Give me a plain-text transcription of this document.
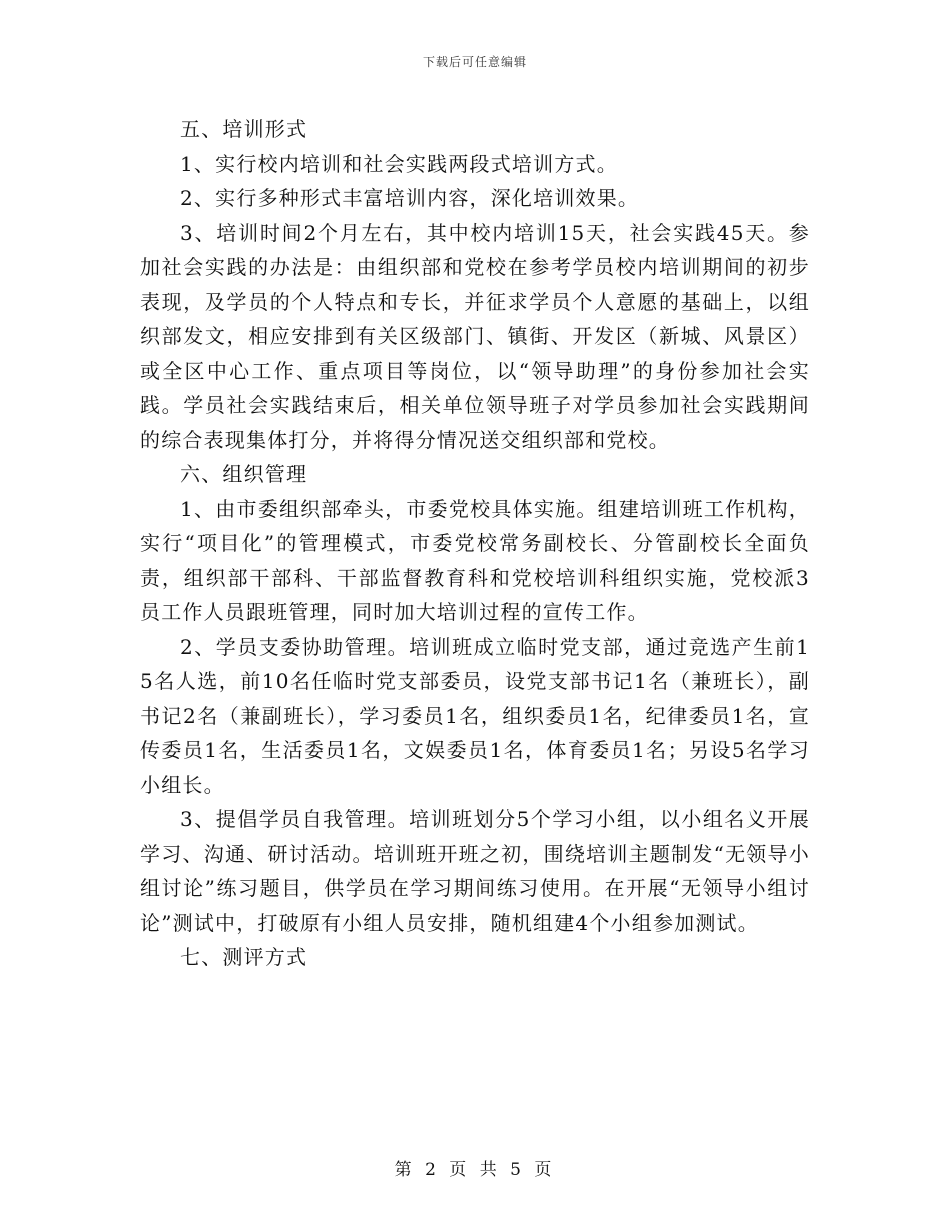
下载后可任意编辑

五、培训形式

1、实行校内培训和社会实践两段式培训方式。

2、实行多种形式丰富培训内容，深化培训效果。

3、培训时间2个月左右，其中校内培训15天，社会实践45天。参加社会实践的办法是：由组织部和党校在参考学员校内培训期间的初步表现，及学员的个人特点和专长，并征求学员个人意愿的基础上，以组织部发文，相应安排到有关区级部门、镇街、开发区（新城、风景区）或全区中心工作、重点项目等岗位，以“领导助理”的身份参加社会实践。学员社会实践结束后，相关单位领导班子对学员参加社会实践期间的综合表现集体打分，并将得分情况送交组织部和党校。

六、组织管理

1、由市委组织部牵头，市委党校具体实施。组建培训班工作机构，实行“项目化”的管理模式，市委党校常务副校长、分管副校长全面负责，组织部干部科、干部监督教育科和党校培训科组织实施，党校派3员工作人员跟班管理，同时加大培训过程的宣传工作。

2、学员支委协助管理。培训班成立临时党支部，通过竞选产生前15名人选，前10名任临时党支部委员，设党支部书记1名（兼班长），副书记2名（兼副班长），学习委员1名，组织委员1名，纪律委员1名，宣传委员1名，生活委员1名，文娱委员1名，体育委员1名；另设5名学习小组长。

3、提倡学员自我管理。培训班划分5个学习小组，以小组名义开展学习、沟通、研讨活动。培训班开班之初，围绕培训主题制发“无领导小组讨论”练习题目，供学员在学习期间练习使用。在开展“无领导小组讨论”测试中，打破原有小组人员安排，随机组建4个小组参加测试。

七、测评方式

第 2 页 共 5 页
